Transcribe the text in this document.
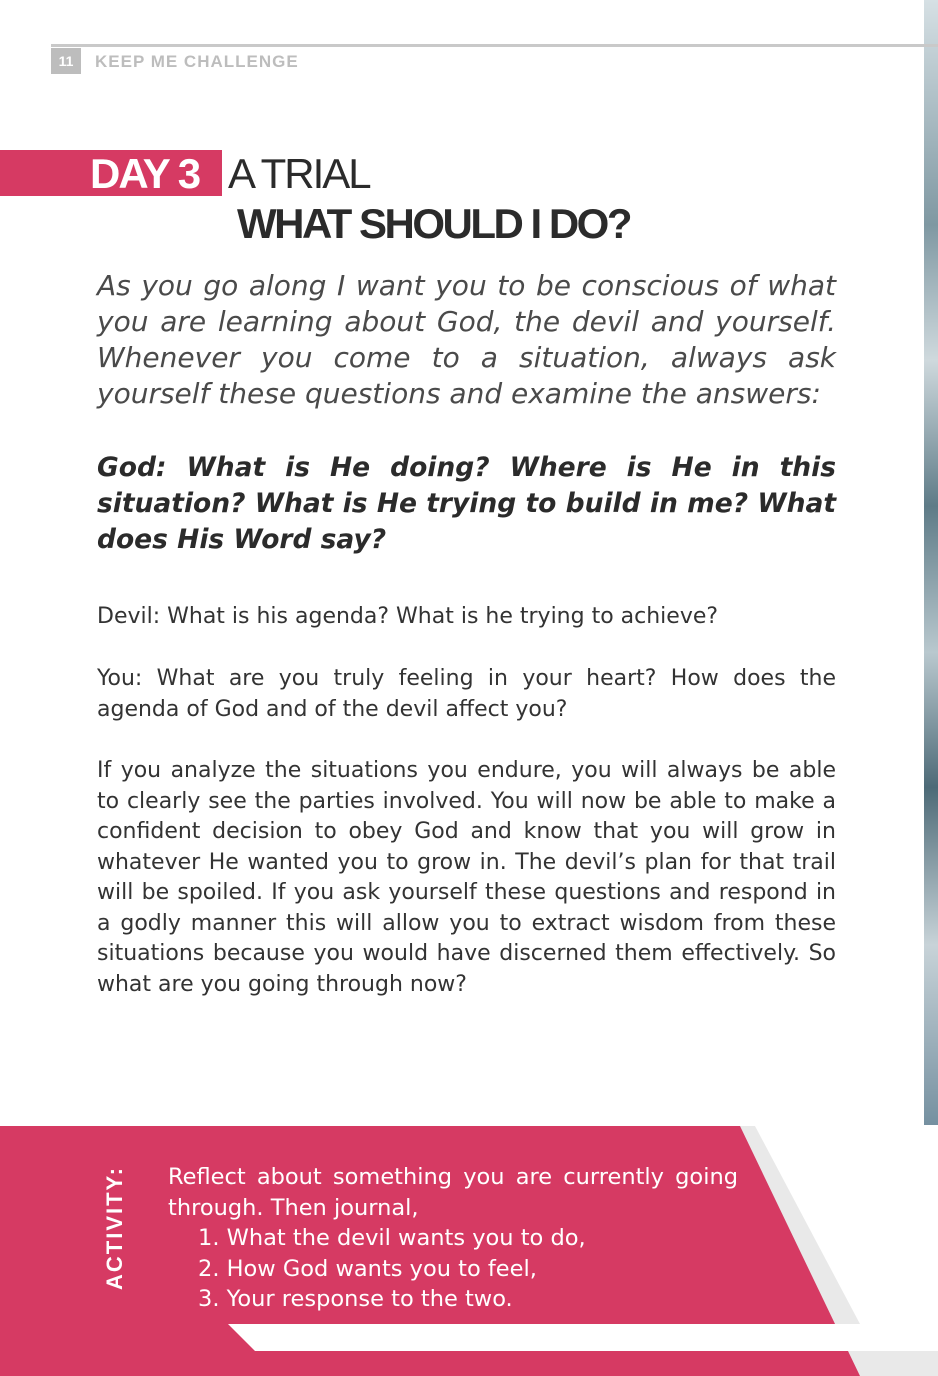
11	KEEP ME CHALLENGE
DAY 3 A TRIAL
WHAT SHOULD I DO?

As you go along I want you to be conscious of what you are learning about God, the devil and yourself. Whenever you come to a situation, always ask yourself these questions and examine the answers:

God: What is He doing? Where is He in this situation? What is He trying to build in me? What does His Word say?

Devil: What is his agenda? What is he trying to achieve?

You: What are you truly feeling in your heart? How does the agenda of God and of the devil affect you?

If you analyze the situations you endure, you will always be able to clearly see the parties involved. You will now be able to make a confident decision to obey God and know that you will grow in whatever He wanted you to grow in. The devil’s plan for that trail will be spoiled. If you ask yourself these questions and respond in a godly manner this will allow you to extract wisdom from these situations because you would have discerned them effectively. So what are you going through now?

ACTIVITY: Reflect about something you are currently going through. Then journal,
1. What the devil wants you to do,
2. How God wants you to feel,
3. Your response to the two.
